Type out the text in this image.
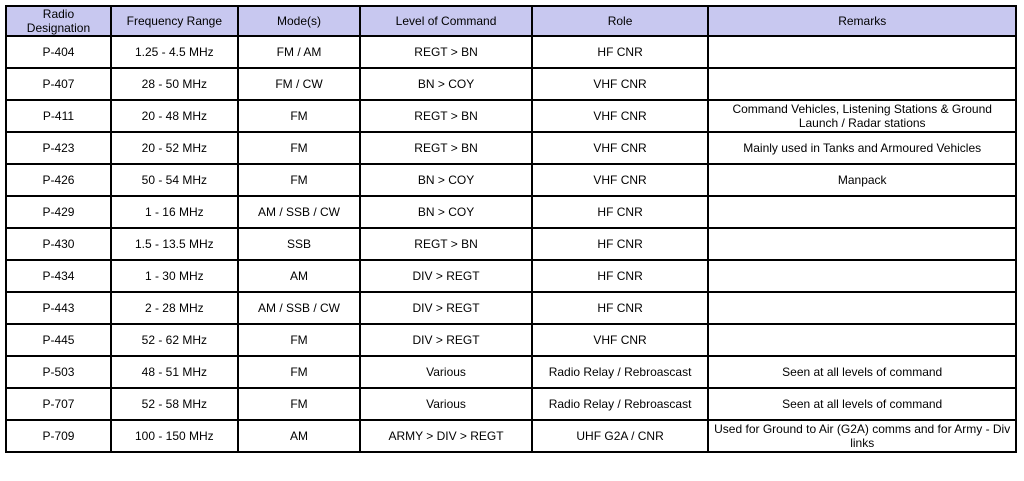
Radio Designation	Frequency Range	Mode(s)	Level of Command	Role	Remarks
P-404	1.25 - 4.5 MHz	FM / AM	REGT > BN	HF CNR	
P-407	28 - 50 MHz	FM / CW	BN > COY	VHF CNR	
P-411	20 - 48 MHz	FM	REGT > BN	VHF CNR	Command Vehicles, Listening Stations & Ground Launch / Radar stations
P-423	20 - 52 MHz	FM	REGT > BN	VHF CNR	Mainly used in Tanks and Armoured Vehicles
P-426	50 - 54 MHz	FM	BN > COY	VHF CNR	Manpack
P-429	1 - 16 MHz	AM / SSB / CW	BN > COY	HF CNR	
P-430	1.5 - 13.5 MHz	SSB	REGT > BN	HF CNR	
P-434	1 - 30 MHz	AM	DIV > REGT	HF CNR	
P-443	2 - 28 MHz	AM / SSB / CW	DIV > REGT	HF CNR	
P-445	52 - 62 MHz	FM	DIV > REGT	VHF CNR	
P-503	48 - 51 MHz	FM	Various	Radio Relay / Rebroascast	Seen at all levels of command
P-707	52 - 58 MHz	FM	Various	Radio Relay / Rebroascast	Seen at all levels of command
P-709	100 - 150 MHz	AM	ARMY > DIV > REGT	UHF G2A / CNR	Used for Ground to Air (G2A) comms and for Army - Div links
